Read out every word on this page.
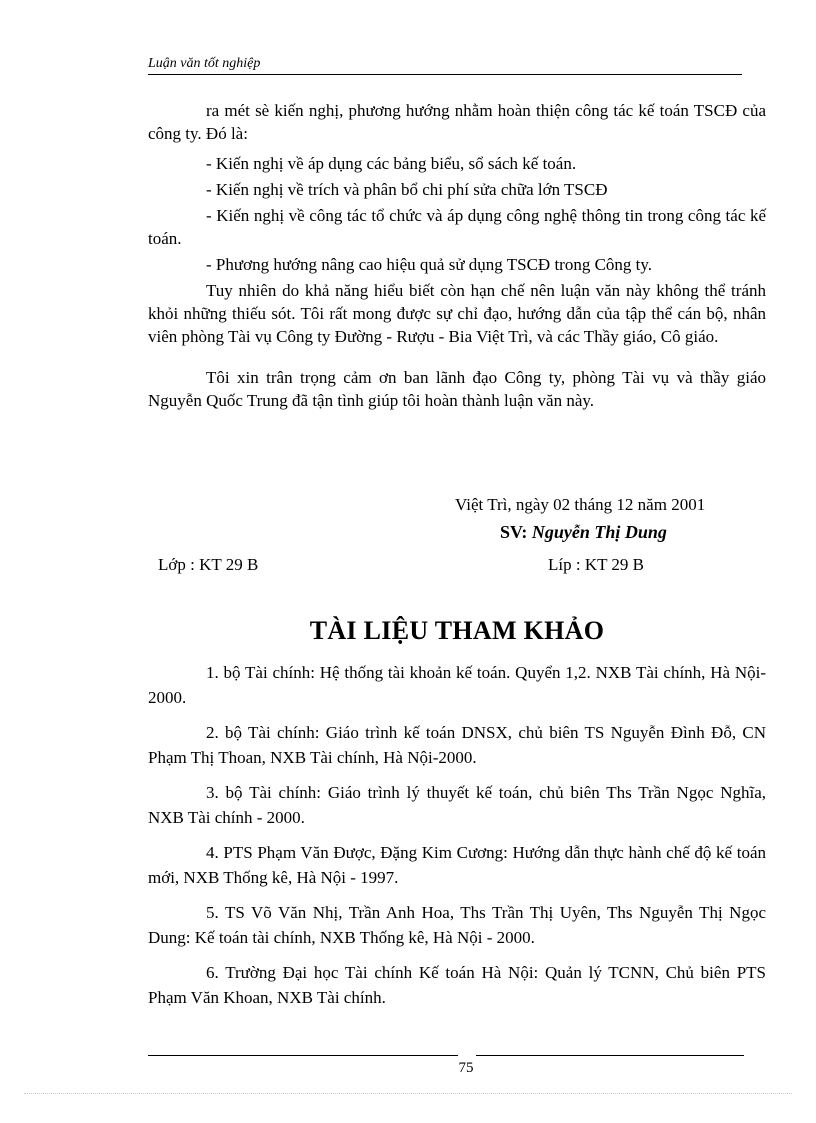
Luận văn tốt nghiệp

ra mét sè kiến nghị, phương hướng nhằm hoàn thiện công tác kế toán TSCĐ của công ty. Đó là:

- Kiến nghị về áp dụng các bảng biểu, sổ sách kế toán.

- Kiến nghị về trích và phân bổ chi phí sửa chữa lớn TSCĐ

- Kiến nghị về công tác tổ chức và áp dụng công nghệ thông tin trong công tác kế toán.

- Phương hướng nâng cao hiệu quả sử dụng TSCĐ trong Công ty.

Tuy nhiên do khả năng hiểu biết còn hạn chế nên luận văn này không thể tránh khỏi những thiếu sót. Tôi rất mong được sự chỉ đạo, hướng dẫn của tập thể cán bộ, nhân viên phòng Tài vụ Công ty Đường - Rượu - Bia Việt Trì, và các Thầy giáo, Cô giáo.

Tôi xin trân trọng cảm ơn ban lãnh đạo Công ty, phòng Tài vụ và thầy giáo Nguyễn Quốc Trung đã tận tình giúp tôi hoàn thành luận văn này.

Việt Trì, ngày 02 tháng 12 năm 2001
SV: Nguyễn Thị Dung
Lớp : KT 29 B	Líp : KT 29 B
TÀI LIỆU THAM KHẢO

1. bộ Tài chính: Hệ thống tài khoản kế toán. Quyển 1,2. NXB Tài chính, Hà Nội-2000.

2. bộ Tài chính: Giáo trình kế toán DNSX, chủ biên TS Nguyễn Đình Đỗ, CN Phạm Thị Thoan, NXB Tài chính, Hà Nội-2000.

3. bộ Tài chính: Giáo trình lý thuyết kế toán, chủ biên Ths Trần Ngọc Nghĩa, NXB Tài chính - 2000.

4. PTS Phạm Văn Được, Đặng Kim Cương: Hướng dẫn thực hành chế độ kế toán mới, NXB Thống kê, Hà Nội - 1997.

5. TS Võ Văn Nhị, Trần Anh Hoa, Ths Trần Thị Uyên, Ths Nguyễn Thị Ngọc Dung: Kế toán tài chính, NXB Thống kê, Hà Nội - 2000.

6. Trường Đại học Tài chính Kế toán Hà Nội: Quản lý TCNN, Chủ biên PTS Phạm Văn Khoan, NXB Tài chính.

75
